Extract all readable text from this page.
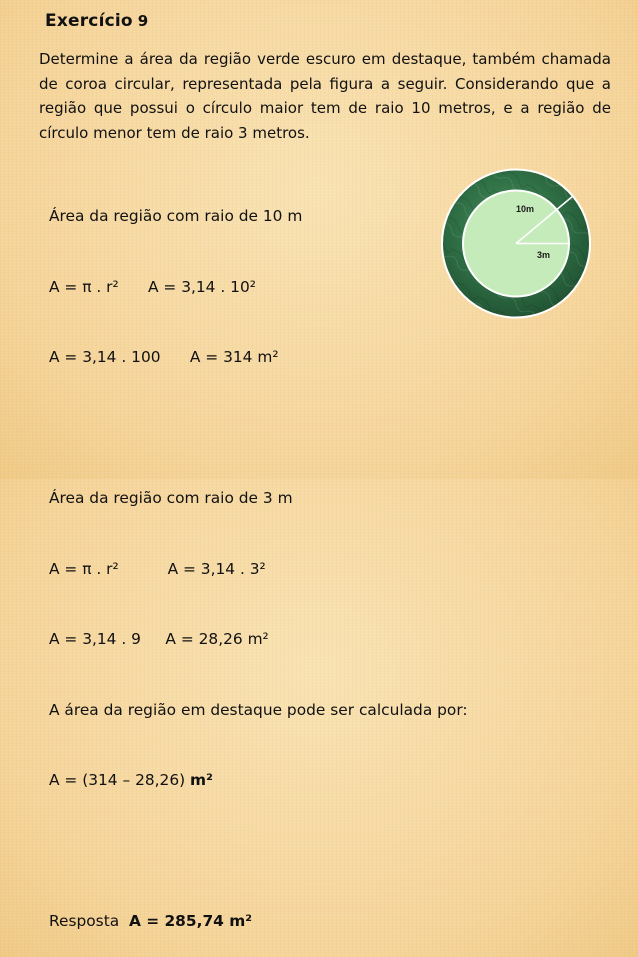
Exercício 9
Determine a área da região verde escuro em destaque, também chamada de coroa circular, representada pela figura a seguir. Considerando que a região que possui o círculo maior tem de raio 10 metros, e a região de círculo menor tem de raio 3 metros.

Área da região com raio de 10 m

A = π . r²      A = 3,14 . 10²

A = 3,14 . 100      A = 314 m²

Área da região com raio de 3 m

A = π . r²          A = 3,14 . 3²

A = 3,14 . 9     A = 28,26 m²

A área da região em destaque pode ser calculada por:

A = (314 – 28,26) m²

Resposta  A = 285,74 m²

10m
3m
